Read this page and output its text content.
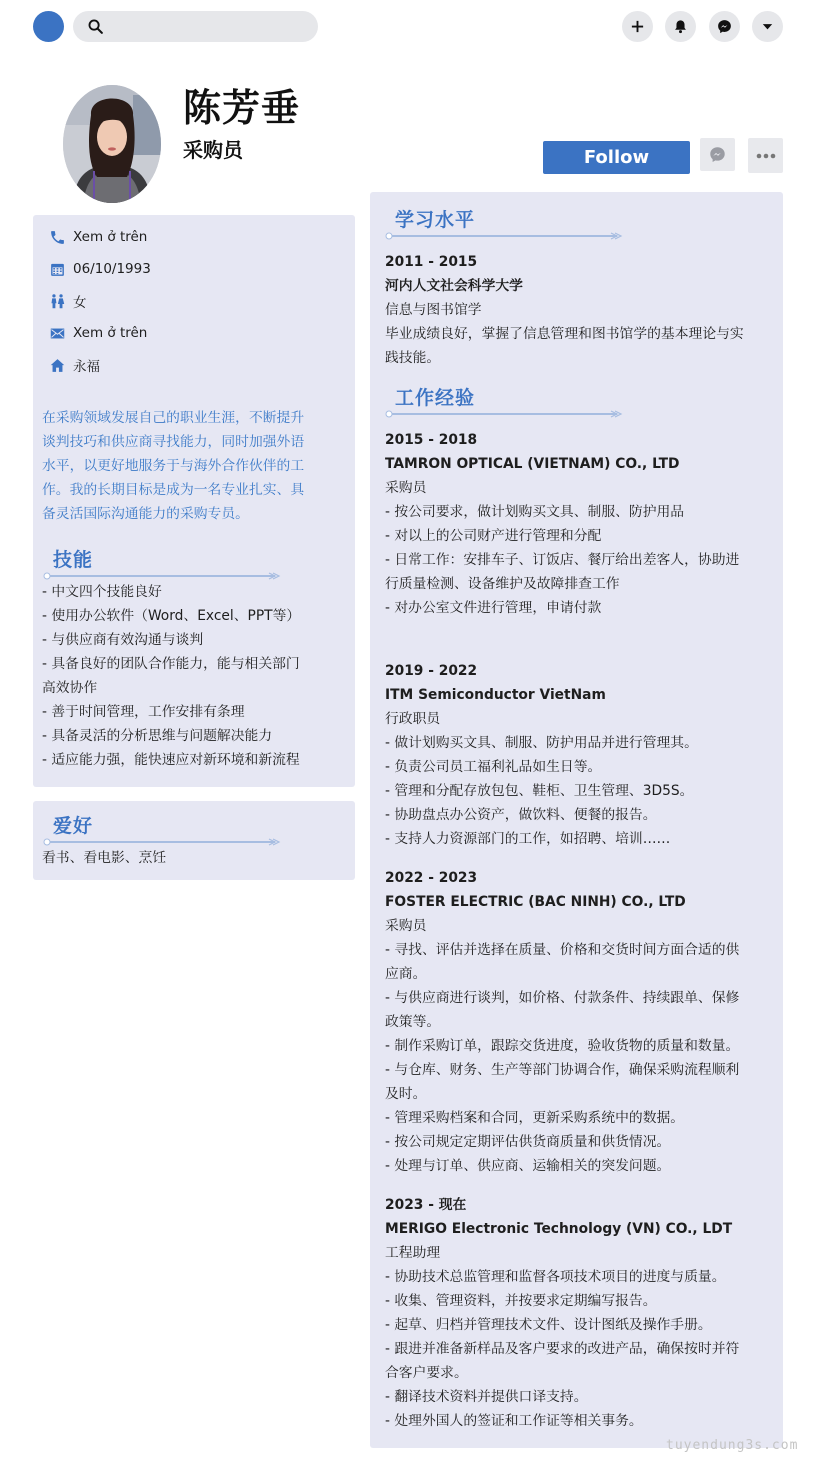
陈芳垂
采购员	Follow
Xem ở trên
06/10/1993
女
Xem ở trên
永福
在采购领域发展自己的职业生涯，不断提升
谈判技巧和供应商寻找能力，同时加强外语
水平，以更好地服务于与海外合作伙伴的工
作。我的长期目标是成为一名专业扎实、具
备灵活国际沟通能力的采购专员。
技能
- 中文四个技能良好
- 使用办公软件（Word、Excel、PPT等）
- 与供应商有效沟通与谈判
- 具备良好的团队合作能力，能与相关部门
高效协作
- 善于时间管理，工作安排有条理
- 具备灵活的分析思维与问题解决能力
- 适应能力强，能快速应对新环境和新流程
爱好
看书、看电影、烹饪
学习水平
2011 - 2015
河内人文社会科学大学
信息与图书馆学
毕业成绩良好，掌握了信息管理和图书馆学的基本理论与实
践技能。
工作经验
2015 - 2018
TAMRON OPTICAL (VIETNAM) CO., LTD
采购员
- 按公司要求，做计划购买文具、制服、防护用品
- 对以上的公司财产进行管理和分配
- 日常工作：安排车子、订饭店、餐厅给出差客人，协助进
行质量检测、设备维护及故障排查工作
- 对办公室文件进行管理，申请付款
2019 - 2022
ITM Semiconductor VietNam
行政职员
- 做计划购买文具、制服、防护用品并进行管理其。
- 负责公司员工福利礼品如生日等。
- 管理和分配存放包包、鞋柜、卫生管理、3D5S。
- 协助盘点办公资产，做饮料、便餐的报告。
- 支持人力资源部门的工作，如招聘、培训……
2022 - 2023
FOSTER ELECTRIC (BAC NINH) CO., LTD
采购员
- 寻找、评估并选择在质量、价格和交货时间方面合适的供
应商。
- 与供应商进行谈判，如价格、付款条件、持续跟单、保修
政策等。
- 制作采购订单，跟踪交货进度，验收货物的质量和数量。
- 与仓库、财务、生产等部门协调合作，确保采购流程顺利
及时。
- 管理采购档案和合同，更新采购系统中的数据。
- 按公司规定定期评估供货商质量和供货情况。
- 处理与订单、供应商、运输相关的突发问题。
2023 - 现在
MERIGO Electronic Technology (VN) CO., LDT
工程助理
- 协助技术总监管理和监督各项技术项目的进度与质量。
- 收集、管理资料，并按要求定期编写报告。
- 起草、归档并管理技术文件、设计图纸及操作手册。
- 跟进并准备新样品及客户要求的改进产品，确保按时并符
合客户要求。
- 翻译技术资料并提供口译支持。
- 处理外国人的签证和工作证等相关事务。
tuyendung3s.com
